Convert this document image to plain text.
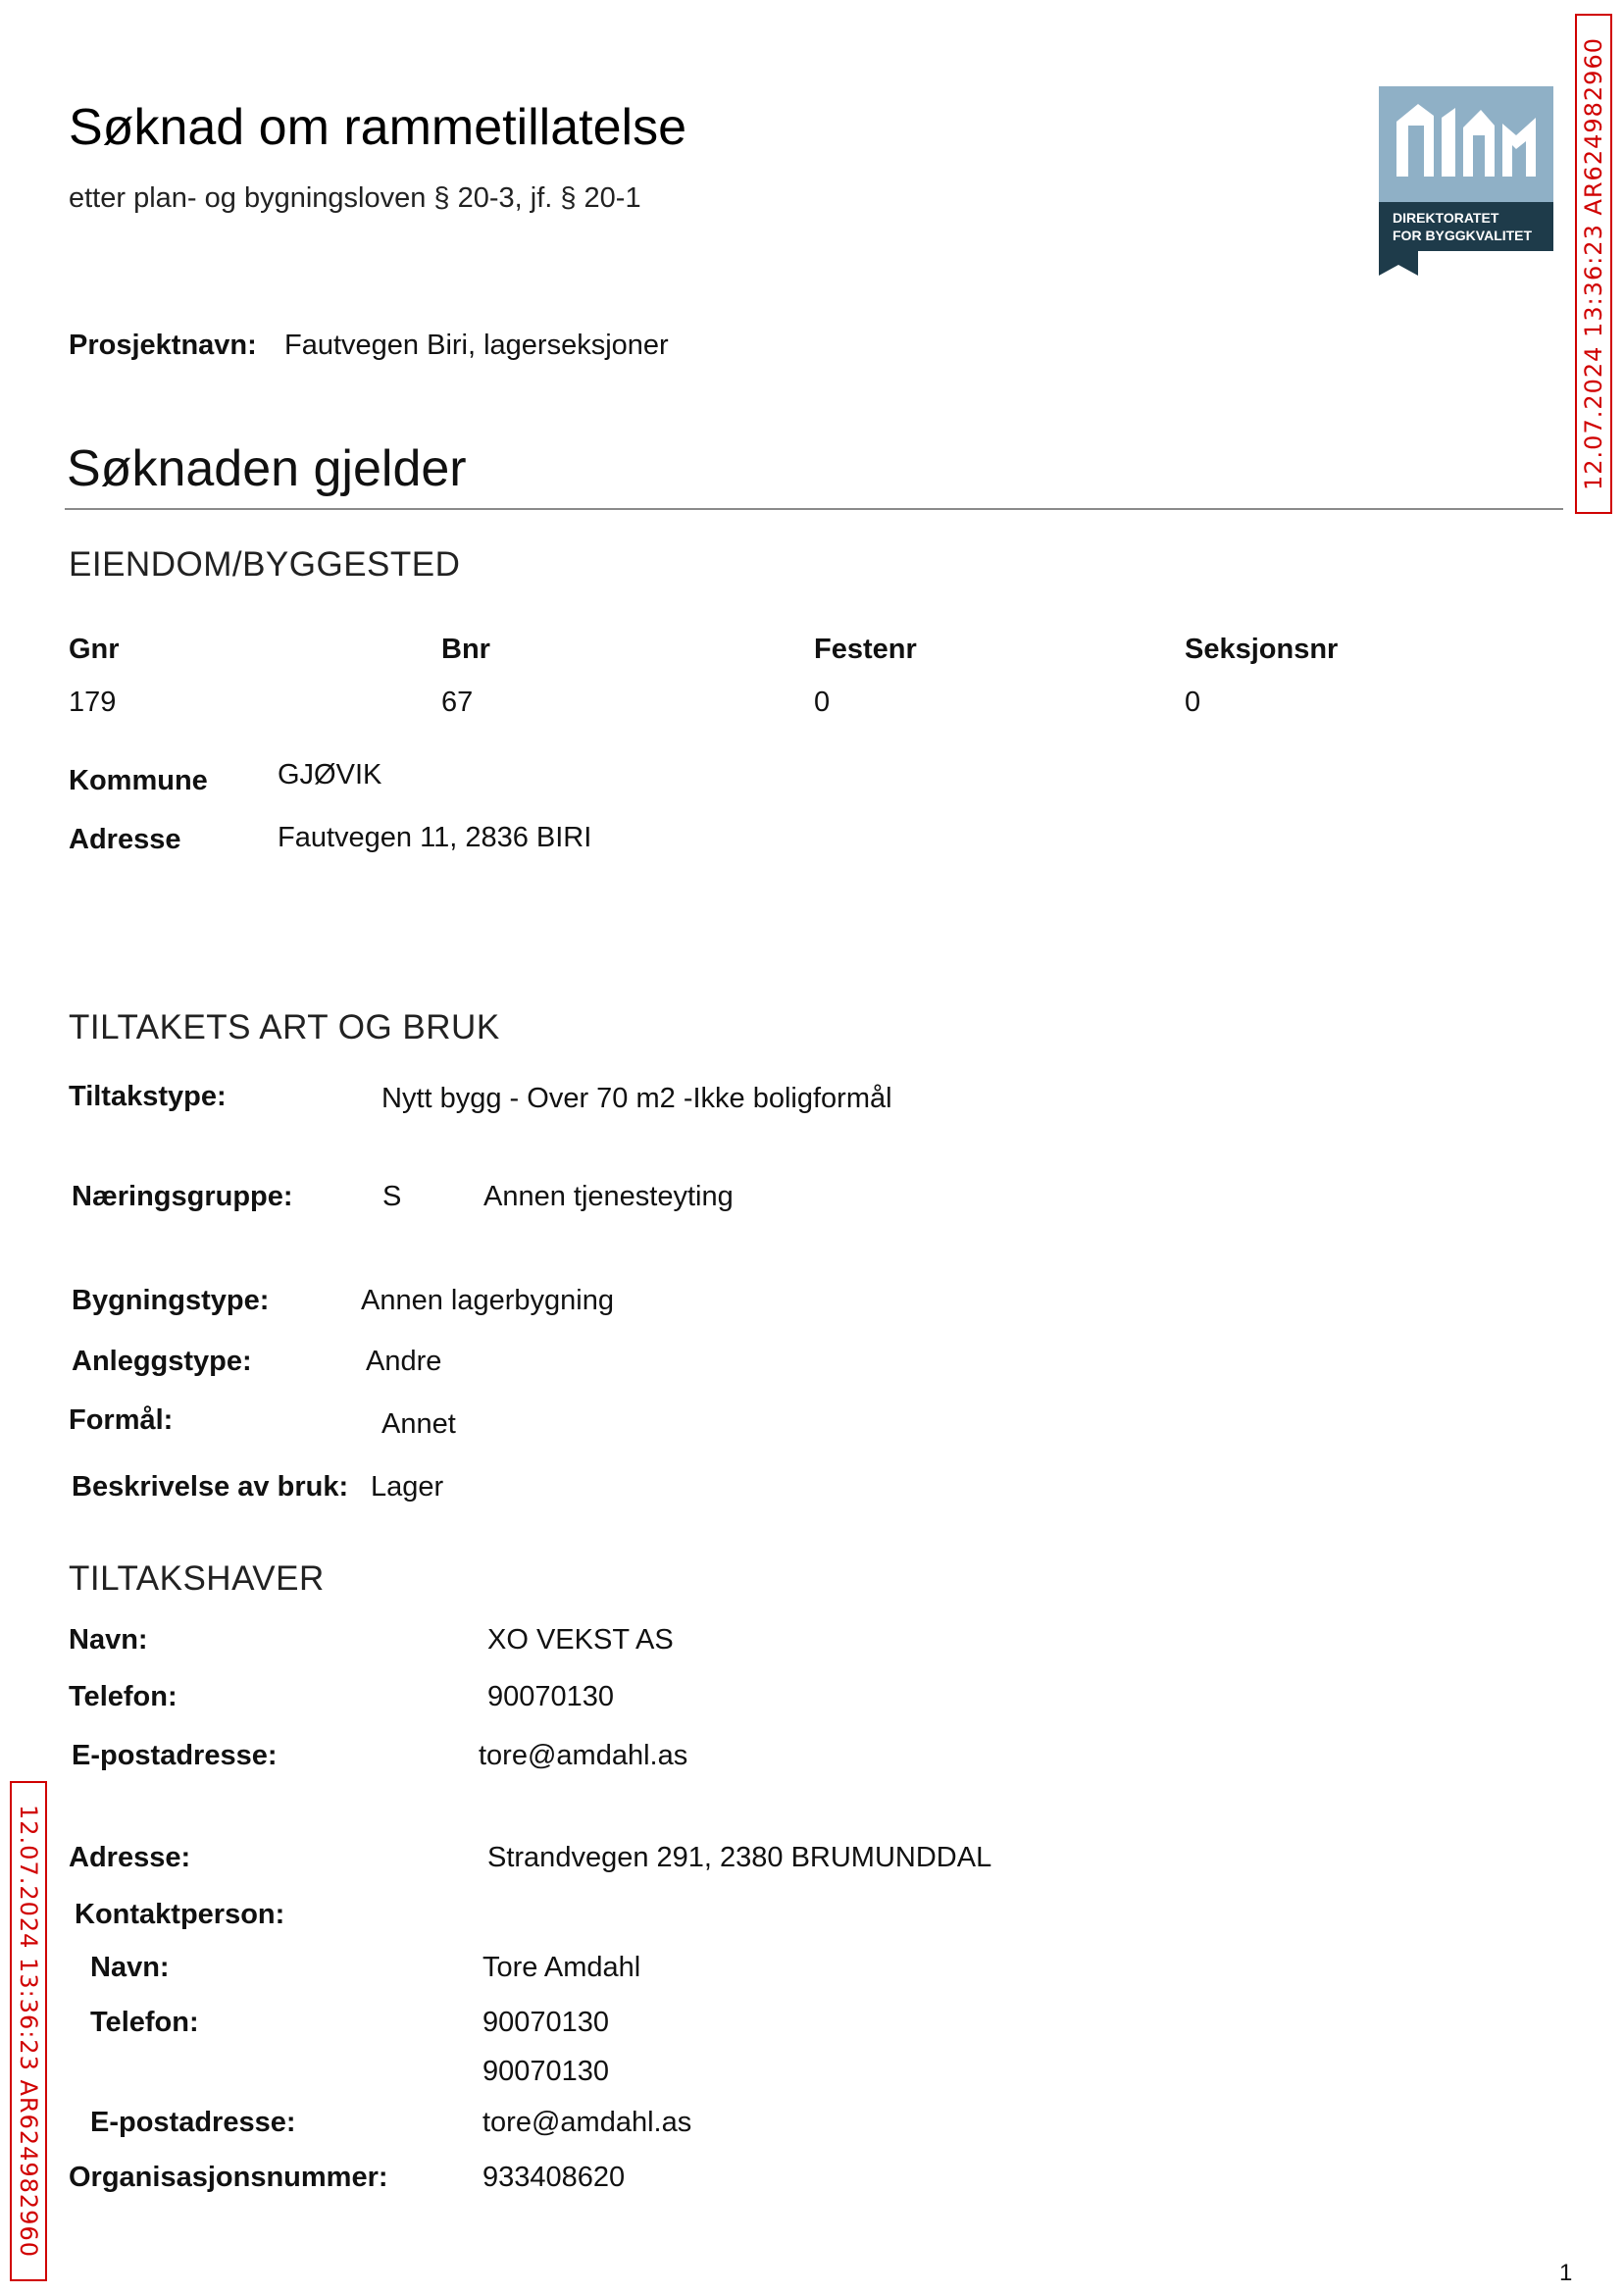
Søknad om rammetillatelse
etter plan- og bygningsloven § 20-3, jf. § 20-1
DIREKTORATET
FOR BYGGKVALITET
Prosjektnavn: Fautvegen Biri, lagerseksjoner
Søknaden gjelder
EIENDOM/BYGGESTED
Gnr	Bnr	Festenr	Seksjonsnr
179	67	0	0
Kommune GJØVIK
Adresse	Fautvegen 11, 2836 BIRI
TILTAKETS ART OG BRUK
Tiltakstype:	Nytt bygg - Over 70 m2 -Ikke boligformål
Næringsgruppe:	S	Annen tjenesteyting
Bygningstype:	Annen lagerbygning
Anleggstype:	Andre
Formål:	Annet
Beskrivelse av bruk: Lager
TILTAKSHAVER
Navn:	XO VEKST AS
Telefon:	90070130
E-postadresse:	tore@amdahl.as
Adresse:	Strandvegen 291, 2380 BRUMUNDDAL
Kontaktperson:
Navn:	Tore Amdahl
Telefon:	90070130
90070130
E-postadresse:	tore@amdahl.as
Organisasjonsnummer:	933408620
12.07.2024 13:36:23 AR624982960
12.07.2024 13:36:23 AR624982960
1
